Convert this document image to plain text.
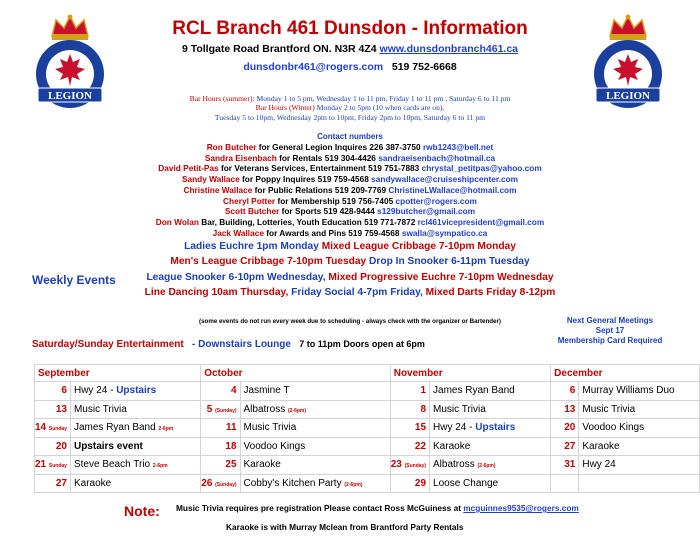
LEGION	LEGION
RCL Branch 461 Dunsdon - Information
9 Tollgate Road Brantford ON. N3R 4Z4 www.dunsdonbranch461.ca
dunsdonbr461@rogers.com 519 752-6668
Bar Hours (summer): Monday 1 to 5 pm, Wednesday 1 to 11 pm, Friday 1 to 11 pm , Saturday 6 to 11 pm
Bar Hours (Winter) Monday 2 to 5pm (10 when cards are on),
Tuesday 5 to 10pm, Wednesday 2pm to 10pm, Friday 2pm to 10pm, Saturday 6 to 11 pm
Contact numbers
Ron Butcher for General Legion Inquires 226 387-3750 rwb1243@bell.net
Sandra Eisenbach for Rentals 519 304-4426 sandraeisenbach@hotmail.ca
David Petit-Pas for Veterans Services, Entertainment 519 751-7883 chrystal_petitpas@yahoo.com
Sandy Wallace for Poppy Inquires 519 759-4568 sandywallace@cruiseshipcenter.com
Christine Wallace for Public Relations 519 209-7769 ChristineLWallace@hotmail.com
Cheryl Potter for Membership 519 756-7405 cpotter@rogers.com
Scott Butcher for Sports 519 428-9444 s129butcher@gmail.com
Don Wolan Bar, Building, Lotteries, Youth Education 519 771-7872 rcl461vicepresident@gmail.com
Jack Wallace for Awards and Pins 519 759-4568 swalla@sympatico.ca
Ladies Euchre 1pm Monday Mixed League Cribbage 7-10pm Monday
Men's League Cribbage 7-10pm Tuesday Drop In Snooker 6-11pm Tuesday
League Snooker 6-10pm Wednesday, Mixed Progressive Euchre 7-10pm Wednesday
Line Dancing 10am Thursday, Friday Social 4-7pm Friday, Mixed Darts Friday 8-12pm
Weekly Events
(some events do not run every week due to scheduling - always check with the organizer or Bartender)	Next General Meetings
Sept 17
Membership Card Required
Saturday/Sunday Entertainment - Downstairs Lounge 7 to 11pm Doors open at 6pm
September		October		November		December	
6	Hwy 24 - Upstairs	4	Jasmine T	1	James Ryan Band	6	Murray Williams Duo
13	Music Trivia	5 (Sunday)	Albatross (2-6pm)	8	Music Trivia	13	Music Trivia
14 Sunday	James Ryan Band 2-6pm	11	Music Trivia	15	Hwy 24 - Upstairs	20	Voodoo Kings
20	Upstairs event	18	Voodoo Kings	22	Karaoke	27	Karaoke
21 Sunday	Steve Beach Trio 2-6pm	25	Karaoke	23 (Sunday)	Albatross (2-6pm)	31	Hwy 24
27	Karaoke	26 (Sunday)	Cobby's Kitchen Party (2-6pm)	29	Loose Change		
Note: Music Trivia requires pre registration Please contact Ross McGuiness at mcguinnes9535@rogers.com
Karaoke is with Murray Mclean from Brantford Party Rentals
